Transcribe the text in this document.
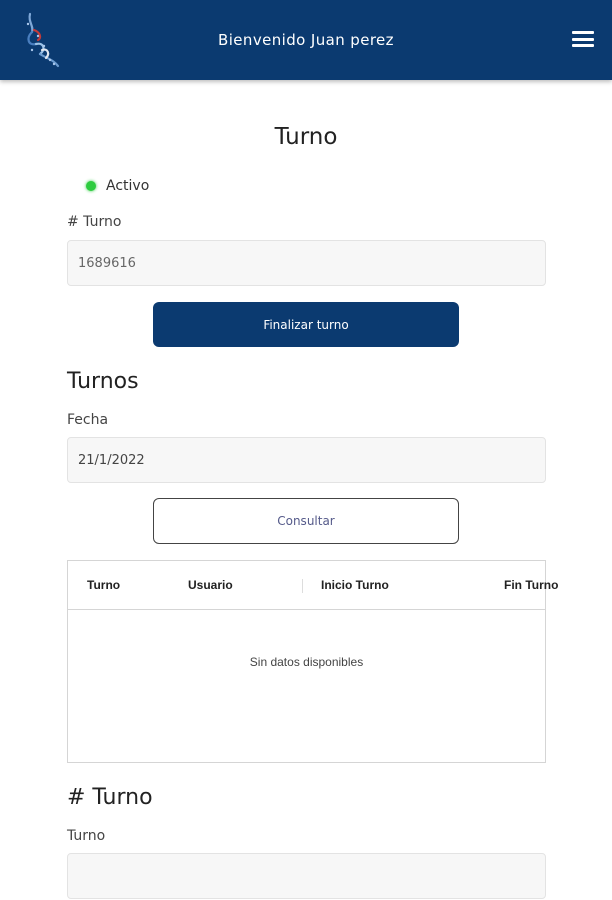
Bienvenido Juan perez
Turno
Activo
# Turno
1689616
Finalizar turno
Turnos
Fecha
21/1/2022
Consultar
Turno	Usuario	Inicio Turno	Fin Turno
Sin datos disponibles
# Turno
Turno
